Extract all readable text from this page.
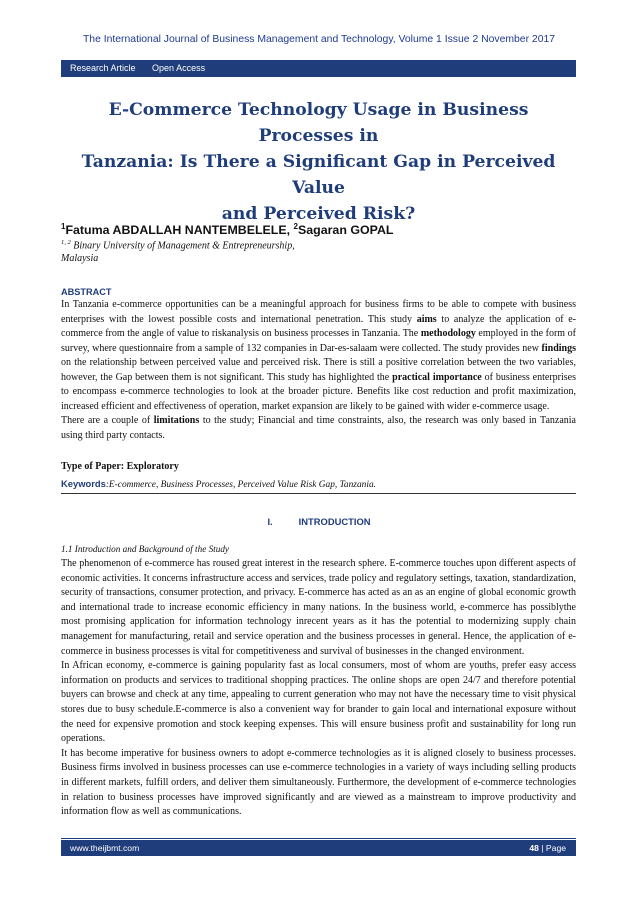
The International Journal of Business Management and Technology, Volume 1 Issue 2 November 2017
Research Article Open Access
E-Commerce Technology Usage in Business Processes in
Tanzania: Is There a Significant Gap in Perceived Value
and Perceived Risk?
$^1$Fatuma ABDALLAH NANTEMBELELE, $^2$Sagaran GOPAL
$^{1, 2}$ Binary University of Management & Entrepreneurship,
Malaysia
ABSTRACT

In Tanzania e-commerce opportunities can be a meaningful approach for business firms to be able to compete with business enterprises with the lowest possible costs and international penetration. This study aims to analyze the application of e-commerce from the angle of value to riskanalysis on business processes in Tanzania. The methodology employed in the form of survey, where questionnaire from a sample of 132 companies in Dar-es-salaam were collected. The study provides new findings on the relationship between perceived value and perceived risk. There is still a positive correlation between the two variables, however, the Gap between them is not significant. This study has highlighted the practical importance of business enterprises to encompass e-commerce technologies to look at the broader picture. Benefits like cost reduction and profit maximization, increased efficient and effectiveness of operation, market expansion are likely to be gained with wider e-commerce usage.

There are a couple of limitations to the study; Financial and time constraints, also, the research was only based in Tanzania using third party contacts.

Type of Paper: Exploratory
Keywords:E-commerce, Business Processes, Perceived Value Risk Gap, Tanzania.
I.	INTRODUCTION
1.1 Introduction and Background of the Study

The phenomenon of e-commerce has roused great interest in the research sphere. E-commerce touches upon different aspects of economic activities. It concerns infrastructure access and services, trade policy and regulatory settings, taxation, standardization, security of transactions, consumer protection, and privacy. E-commerce has acted as an as an engine of global economic growth and international trade to increase economic efficiency in many nations. In the business world, e-commerce has possiblythe most promising application for information technology inrecent years as it has the potential to modernizing supply chain management for manufacturing, retail and service operation and the business processes in general. Hence, the application of e-commerce in business processes is vital for competitiveness and survival of businesses in the changed environment.

In African economy, e-commerce is gaining popularity fast as local consumers, most of whom are youths, prefer easy access information on products and services to traditional shopping practices. The online shops are open 24/7 and therefore potential buyers can browse and check at any time, appealing to current generation who may not have the necessary time to visit physical stores due to busy schedule.E-commerce is also a convenient way for brander to gain local and international exposure without the need for expensive promotion and stock keeping expenses. This will ensure business profit and sustainability for long run operations.

It has become imperative for business owners to adopt e-commerce technologies as it is aligned closely to business processes. Business firms involved in business processes can use e-commerce technologies in a variety of ways including selling products in different markets, fulfill orders, and deliver them simultaneously. Furthermore, the development of e-commerce technologies in relation to business processes have improved significantly and are viewed as a mainstream to improve productivity and information flow as well as communications.

www.theijbmt.com	48 | Page
